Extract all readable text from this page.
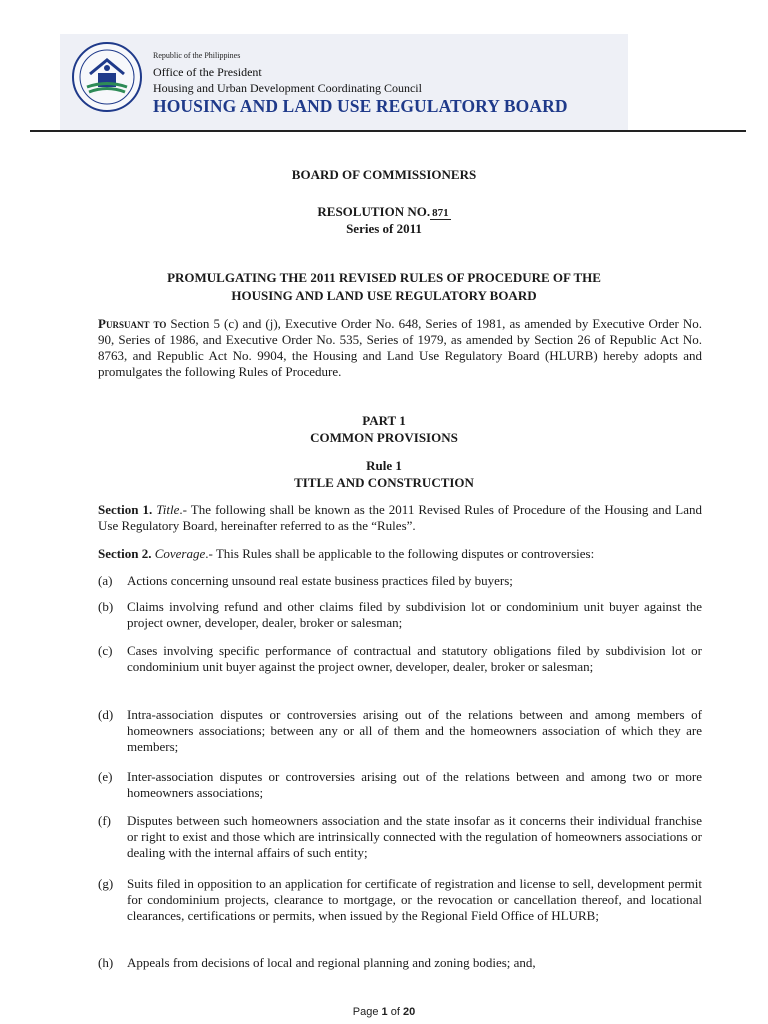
Republic of the Philippines
Office of the President
Housing and Urban Development Coordinating Council
HOUSING AND LAND USE REGULATORY BOARD
BOARD OF COMMISSIONERS
RESOLUTION NO. 871
Series of 2011
PROMULGATING THE 2011 REVISED RULES OF PROCEDURE OF THE
HOUSING AND LAND USE REGULATORY BOARD
Pursuant to Section 5 (c) and (j), Executive Order No. 648, Series of 1981, as amended by Executive Order No. 90, Series of 1986, and Executive Order No. 535, Series of 1979, as amended by Section 26 of Republic Act No. 8763, and Republic Act No. 9904, the Housing and Land Use Regulatory Board (HLURB) hereby adopts and promulgates the following Rules of Procedure.
PART 1
COMMON PROVISIONS
Rule 1
TITLE AND CONSTRUCTION
Section 1. Title.- The following shall be known as the 2011 Revised Rules of Procedure of the Housing and Land Use Regulatory Board, hereinafter referred to as the “Rules”.
Section 2. Coverage.- This Rules shall be applicable to the following disputes or controversies:
(a)	Actions concerning unsound real estate business practices filed by buyers;
(b)	Claims involving refund and other claims filed by subdivision lot or condominium unit buyer against the project owner, developer, dealer, broker or salesman;
(c)	Cases involving specific performance of contractual and statutory obligations filed by subdivision lot or condominium unit buyer against the project owner, developer, dealer, broker or salesman;
(d)	Intra-association disputes or controversies arising out of the relations between and among members of homeowners associations; between any or all of them and the homeowners association of which they are members;
(e)	Inter-association disputes or controversies arising out of the relations between and among two or more homeowners associations;
(f)	Disputes between such homeowners association and the state insofar as it concerns their individual franchise or right to exist and those which are intrinsically connected with the regulation of homeowners associations or dealing with the internal affairs of such entity;
(g)	Suits filed in opposition to an application for certificate of registration and license to sell, development permit for condominium projects, clearance to mortgage, or the revocation or cancellation thereof, and locational clearances, certifications or permits, when issued by the Regional Field Office of HLURB;
(h)	Appeals from decisions of local and regional planning and zoning bodies; and,
Page 1 of 20
